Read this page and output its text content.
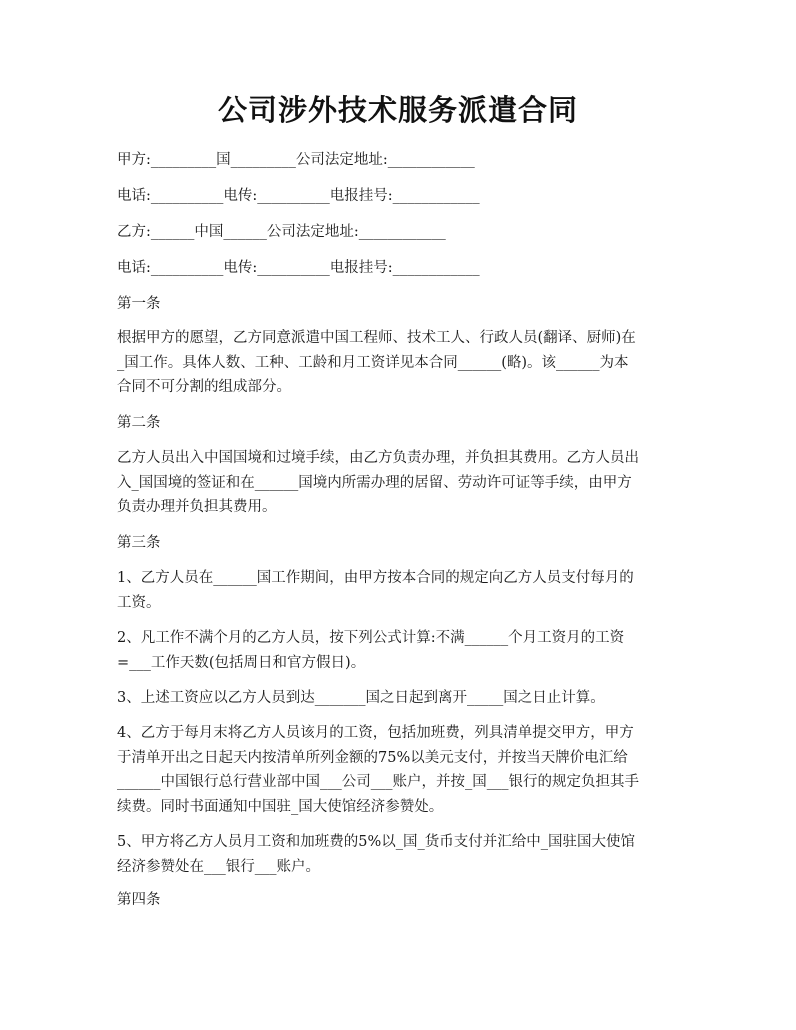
公司涉外技术服务派遣合同
甲方:_________国_________公司法定地址:____________
电话:__________电传:__________电报挂号:____________
乙方:______中国______公司法定地址:____________
电话:__________电传:__________电报挂号:____________
第一条
根据甲方的愿望，乙方同意派遣中国工程师、技术工人、行政人员(翻译、厨师)在
_国工作。具体人数、工种、工龄和月工资详见本合同______(略)。该______为本
合同不可分割的组成部分。
第二条
乙方人员出入中国国境和过境手续，由乙方负责办理，并负担其费用。乙方人员出
入_国国境的签证和在______国境内所需办理的居留、劳动许可证等手续，由甲方
负责办理并负担其费用。
第三条
1、乙方人员在______国工作期间，由甲方按本合同的规定向乙方人员支付每月的
工资。
2、凡工作不满个月的乙方人员，按下列公式计算:不满______个月工资月的工资
=___工作天数(包括周日和官方假日)。
3、上述工资应以乙方人员到达_______国之日起到离开_____国之日止计算。
4、乙方于每月末将乙方人员该月的工资，包括加班费，列具清单提交甲方，甲方
于清单开出之日起天内按清单所列金额的75%以美元支付，并按当天牌价电汇给
______中国银行总行营业部中国___公司___账户，并按_国___银行的规定负担其手
续费。同时书面通知中国驻_国大使馆经济参赞处。
5、甲方将乙方人员月工资和加班费的5%以_国_货币支付并汇给中_国驻国大使馆
经济参赞处在___银行___账户。
第四条
